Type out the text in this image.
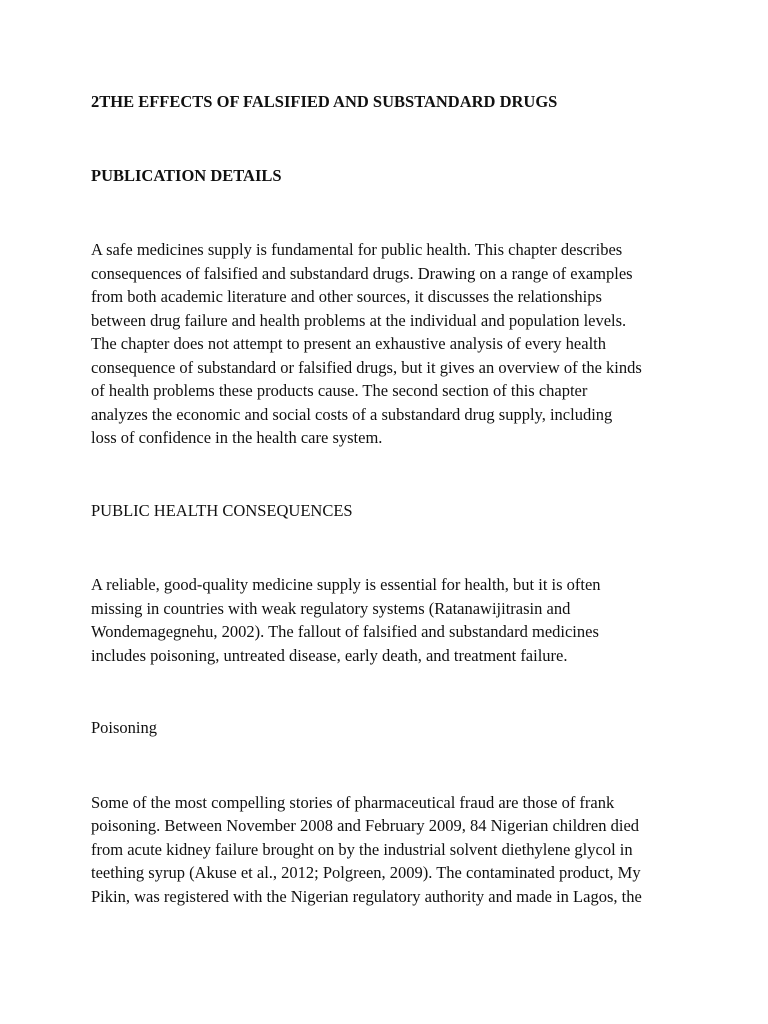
2THE EFFECTS OF FALSIFIED AND SUBSTANDARD DRUGS

PUBLICATION DETAILS

A safe medicines supply is fundamental for public health. This chapter describes
consequences of falsified and substandard drugs. Drawing on a range of examples
from both academic literature and other sources, it discusses the relationships
between drug failure and health problems at the individual and population levels.
The chapter does not attempt to present an exhaustive analysis of every health
consequence of substandard or falsified drugs, but it gives an overview of the kinds
of health problems these products cause. The second section of this chapter
analyzes the economic and social costs of a substandard drug supply, including
loss of confidence in the health care system.

PUBLIC HEALTH CONSEQUENCES

A reliable, good-quality medicine supply is essential for health, but it is often
missing in countries with weak regulatory systems (Ratanawijitrasin and
Wondemagegnehu, 2002). The fallout of falsified and substandard medicines
includes poisoning, untreated disease, early death, and treatment failure.

Poisoning

Some of the most compelling stories of pharmaceutical fraud are those of frank
poisoning. Between November 2008 and February 2009, 84 Nigerian children died
from acute kidney failure brought on by the industrial solvent diethylene glycol in
teething syrup (Akuse et al., 2012; Polgreen, 2009). The contaminated product, My
Pikin, was registered with the Nigerian regulatory authority and made in Lagos, the
